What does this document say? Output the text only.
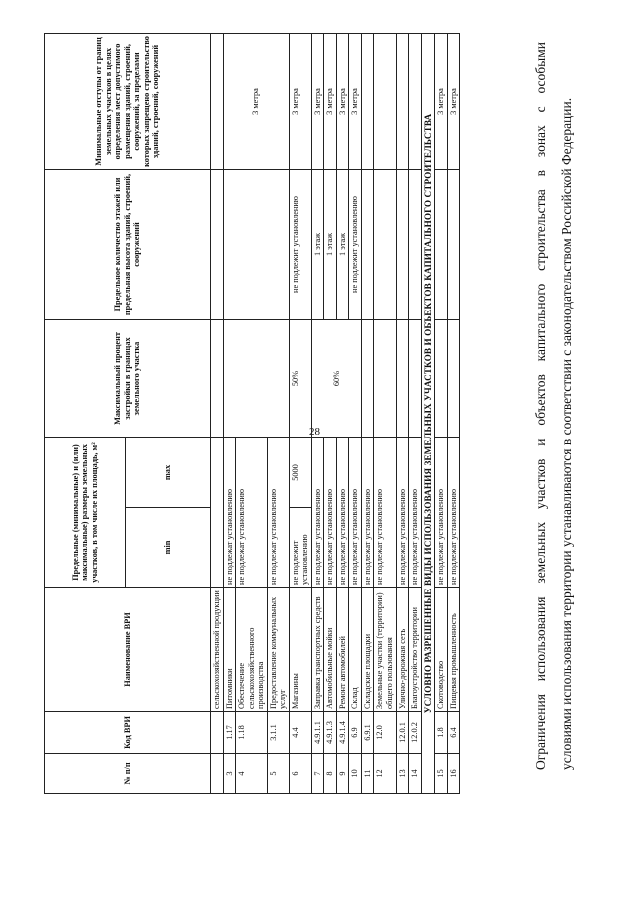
28
№ п/п	Код ВРИ	Наименование ВРИ	Предельные (минимальные) и (или) максимальные) размеры земельных участков, в том числе их площадь, м²		Максимальный процент застройки в границах земельного участка	Предельное количество этажей или предельная высота зданий, строений, сооружений	Минимальные отступы от границ земельных участков в целях определения мест допустимого размещения зданий, строений, сооружений, за пределами которых запрещено строительство зданий, строений, сооружений
			min	max			
		сельскохозяйственной продукции					
3	1.17	Питомники	не подлежат установлению				3 метра
4	1.18	Обеспечение сельскохозяйственного производства	не подлежат установлению				
5	3.1.1	Предоставление коммунальных услуг	не подлежат установлению				
6	4.4	Магазины	не подлежит установлению	5000	50%	не подлежит установлению	3 метра
7	4.9.1.1	Заправка транспортных средств	не подлежат установлению		60%	1 этаж	3 метра
8	4.9.1.3	Автомобильные мойки	не подлежат установлению			1 этаж	3 метра
9	4.9.1.4	Ремонт автомобилей	не подлежат установлению			1 этаж	3 метра
10	6.9	Склад	не подлежат установлению			не подлежит установлению	3 метра
11	6.9.1	Складские площадки	не подлежат установлению				
12	12.0	Земельные участки (территории) общего пользования	не подлежат установлению				
13	12.0.1	Улично-дорожная сеть	не подлежат установлению				
14	12.0.2	Благоустройство территории	не подлежат установлению				
УСЛОВНО РАЗРЕШЕННЫЕ ВИДЫ ИСПОЛЬЗОВАНИЯ ЗЕМЕЛЬНЫХ УЧАСТКОВ И ОБЪЕКТОВ КАПИТАЛЬНОГО СТРОИТЕЛЬСТВА							
15	1.8	Скотоводство	не подлежат установлению				3 метра
16	6.4	Пищевая промышленность	не подлежат установлению				3 метра	Ограничения использования земельных участков и объектов капитального строительства в зонах с особыми условиями использования территории устанавливаются в соответствии с законодательством Российской Федерации.
